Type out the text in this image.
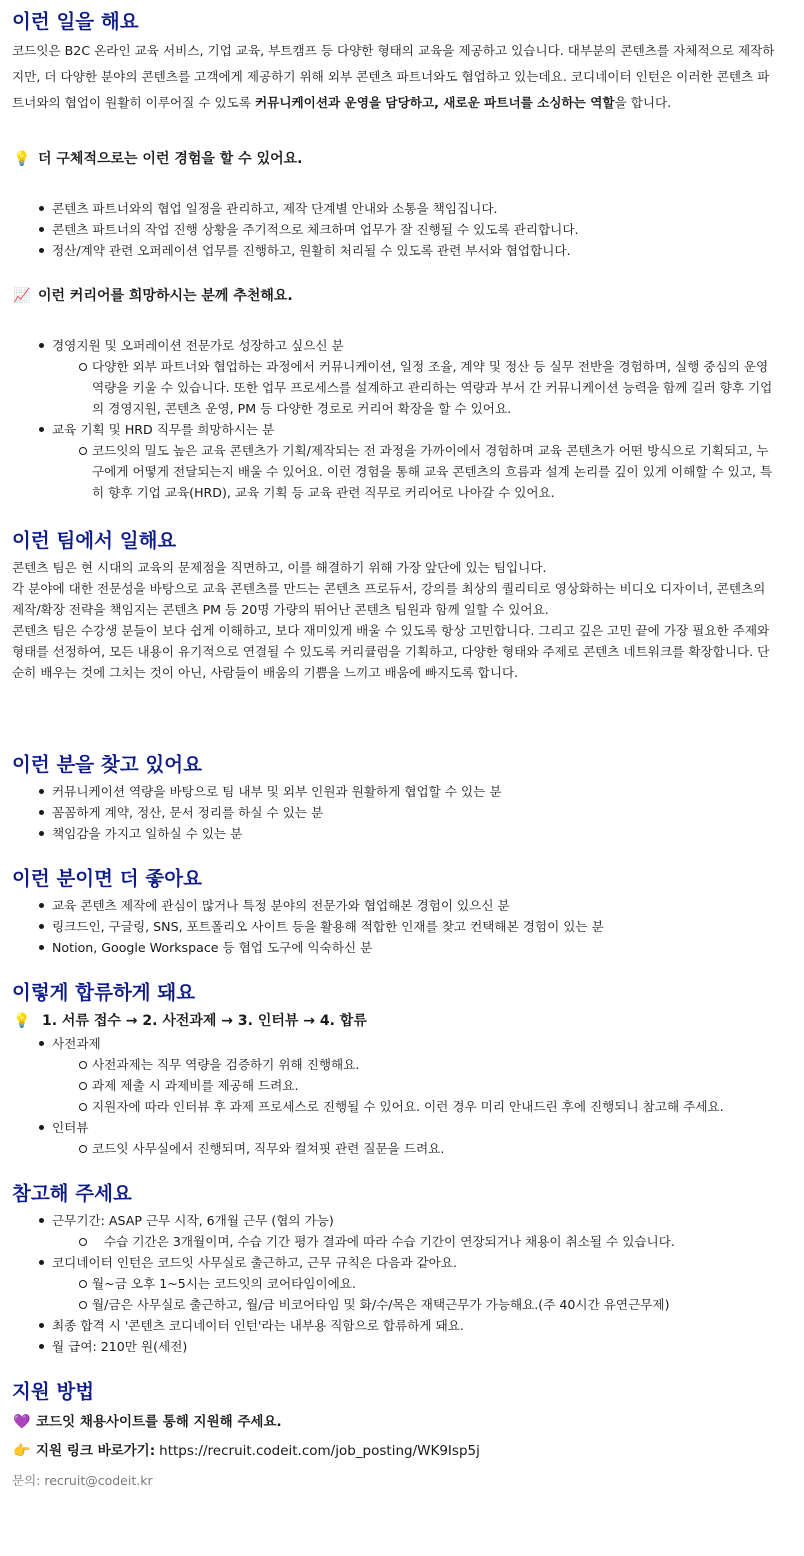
이런 일을 해요

코드잇은 B2C 온라인 교육 서비스, 기업 교육, 부트캠프 등 다양한 형태의 교육을 제공하고 있습니다. 대부분의 콘텐츠를 자체적으로 제작하지만, 더 다양한 분야의 콘텐츠를 고객에게 제공하기 위해 외부 콘텐츠 파트너와도 협업하고 있는데요. 코디네이터 인턴은 이러한 콘텐츠 파트너와의 협업이 원활히 이루어질 수 있도록 커뮤니케이션과 운영을 담당하고, 새로운 파트너를 소싱하는 역할을 합니다.

💡 더 구체적으로는 이런 경험을 할 수 있어요.
콘텐츠 파트너와의 협업 일정을 관리하고, 제작 단계별 안내와 소통을 책임집니다.
콘텐츠 파트너의 작업 진행 상황을 주기적으로 체크하며 업무가 잘 진행될 수 있도록 관리합니다.
정산/계약 관련 오퍼레이션 업무를 진행하고, 원활히 처리될 수 있도록 관련 부서와 협업합니다.
📈 이런 커리어를 희망하시는 분께 추천해요.
경영지원 및 오퍼레이션 전문가로 성장하고 싶으신 분
다양한 외부 파트너와 협업하는 과정에서 커뮤니케이션, 일정 조율, 계약 및 정산 등 실무 전반을 경험하며, 실행 중심의 운영 역량을 키울 수 있습니다. 또한 업무 프로세스를 설계하고 관리하는 역량과 부서 간 커뮤니케이션 능력을 함께 길러 향후 기업의 경영지원, 콘텐츠 운영, PM 등 다양한 경로로 커리어 확장을 할 수 있어요.
교육 기획 및 HRD 직무를 희망하시는 분
코드잇의 밀도 높은 교육 콘텐츠가 기획/제작되는 전 과정을 가까이에서 경험하며 교육 콘텐츠가 어떤 방식으로 기획되고, 누구에게 어떻게 전달되는지 배울 수 있어요. 이런 경험을 통해 교육 콘텐츠의 흐름과 설계 논리를 깊이 있게 이해할 수 있고, 특히 향후 기업 교육(HRD), 교육 기획 등 교육 관련 직무로 커리어로 나아갈 수 있어요.
이런 팀에서 일해요

콘텐츠 팀은 현 시대의 교육의 문제점을 직면하고, 이를 해결하기 위해 가장 앞단에 있는 팀입니다.

각 분야에 대한 전문성을 바탕으로 교육 콘텐츠를 만드는 콘텐츠 프로듀서, 강의를 최상의 퀄리티로 영상화하는 비디오 디자이너, 콘텐츠의 제작/확장 전략을 책임지는 콘텐츠 PM 등 20명 가량의 뛰어난 콘텐츠 팀원과 함께 일할 수 있어요.

콘텐츠 팀은 수강생 분들이 보다 쉽게 이해하고, 보다 재미있게 배울 수 있도록 항상 고민합니다. 그리고 깊은 고민 끝에 가장 필요한 주제와 형태를 선정하여, 모든 내용이 유기적으로 연결될 수 있도록 커리큘럼을 기획하고, 다양한 형태와 주제로 콘텐츠 네트워크를 확장합니다. 단순히 배우는 것에 그치는 것이 아닌, 사람들이 배움의 기쁨을 느끼고 배움에 빠지도록 합니다.

이런 분을 찾고 있어요
커뮤니케이션 역량을 바탕으로 팀 내부 및 외부 인원과 원활하게 협업할 수 있는 분
꼼꼼하게 계약, 정산, 문서 정리를 하실 수 있는 분
책임감을 가지고 일하실 수 있는 분
이런 분이면 더 좋아요
교육 콘텐츠 제작에 관심이 많거나 특정 분야의 전문가와 협업해본 경험이 있으신 분
링크드인, 구글링, SNS, 포트폴리오 사이트 등을 활용해 적합한 인재를 찾고 컨택해본 경험이 있는 분
Notion, Google Workspace 등 협업 도구에 익숙하신 분
이렇게 합류하게 돼요
💡 1. 서류 접수 → 2. 사전과제 → 3. 인터뷰 → 4. 합류
사전과제
사전과제는 직무 역량을 검증하기 위해 진행해요.
과제 제출 시 과제비를 제공해 드려요.
지원자에 따라 인터뷰 후 과제 프로세스로 진행될 수 있어요. 이런 경우 미리 안내드린 후에 진행되니 참고해 주세요.
인터뷰
코드잇 사무실에서 진행되며, 직무와 컬쳐핏 관련 질문을 드려요.
참고해 주세요
근무기간: ASAP 근무 시작, 6개월 근무 (협의 가능)
수습 기간은 3개월이며, 수습 기간 평가 결과에 따라 수습 기간이 연장되거나 채용이 취소될 수 있습니다.
코디네이터 인턴은 코드잇 사무실로 출근하고, 근무 규칙은 다음과 같아요.
월~금 오후 1~5시는 코드잇의 코어타임이에요.
월/금은 사무실로 출근하고, 월/금 비코어타임 및 화/수/목은 재택근무가 가능해요.(주 40시간 유연근무제)
최종 합격 시 '콘텐츠 코디네이터 인턴'라는 내부용 직함으로 합류하게 돼요.
월 급여: 210만 원(세전)
지원 방법
💜 코드잇 채용사이트를 통해 지원해 주세요.
👉 지원 링크 바로가기: https://recruit.codeit.com/job_posting/WK9Isp5j
문의: recruit@codeit.kr
